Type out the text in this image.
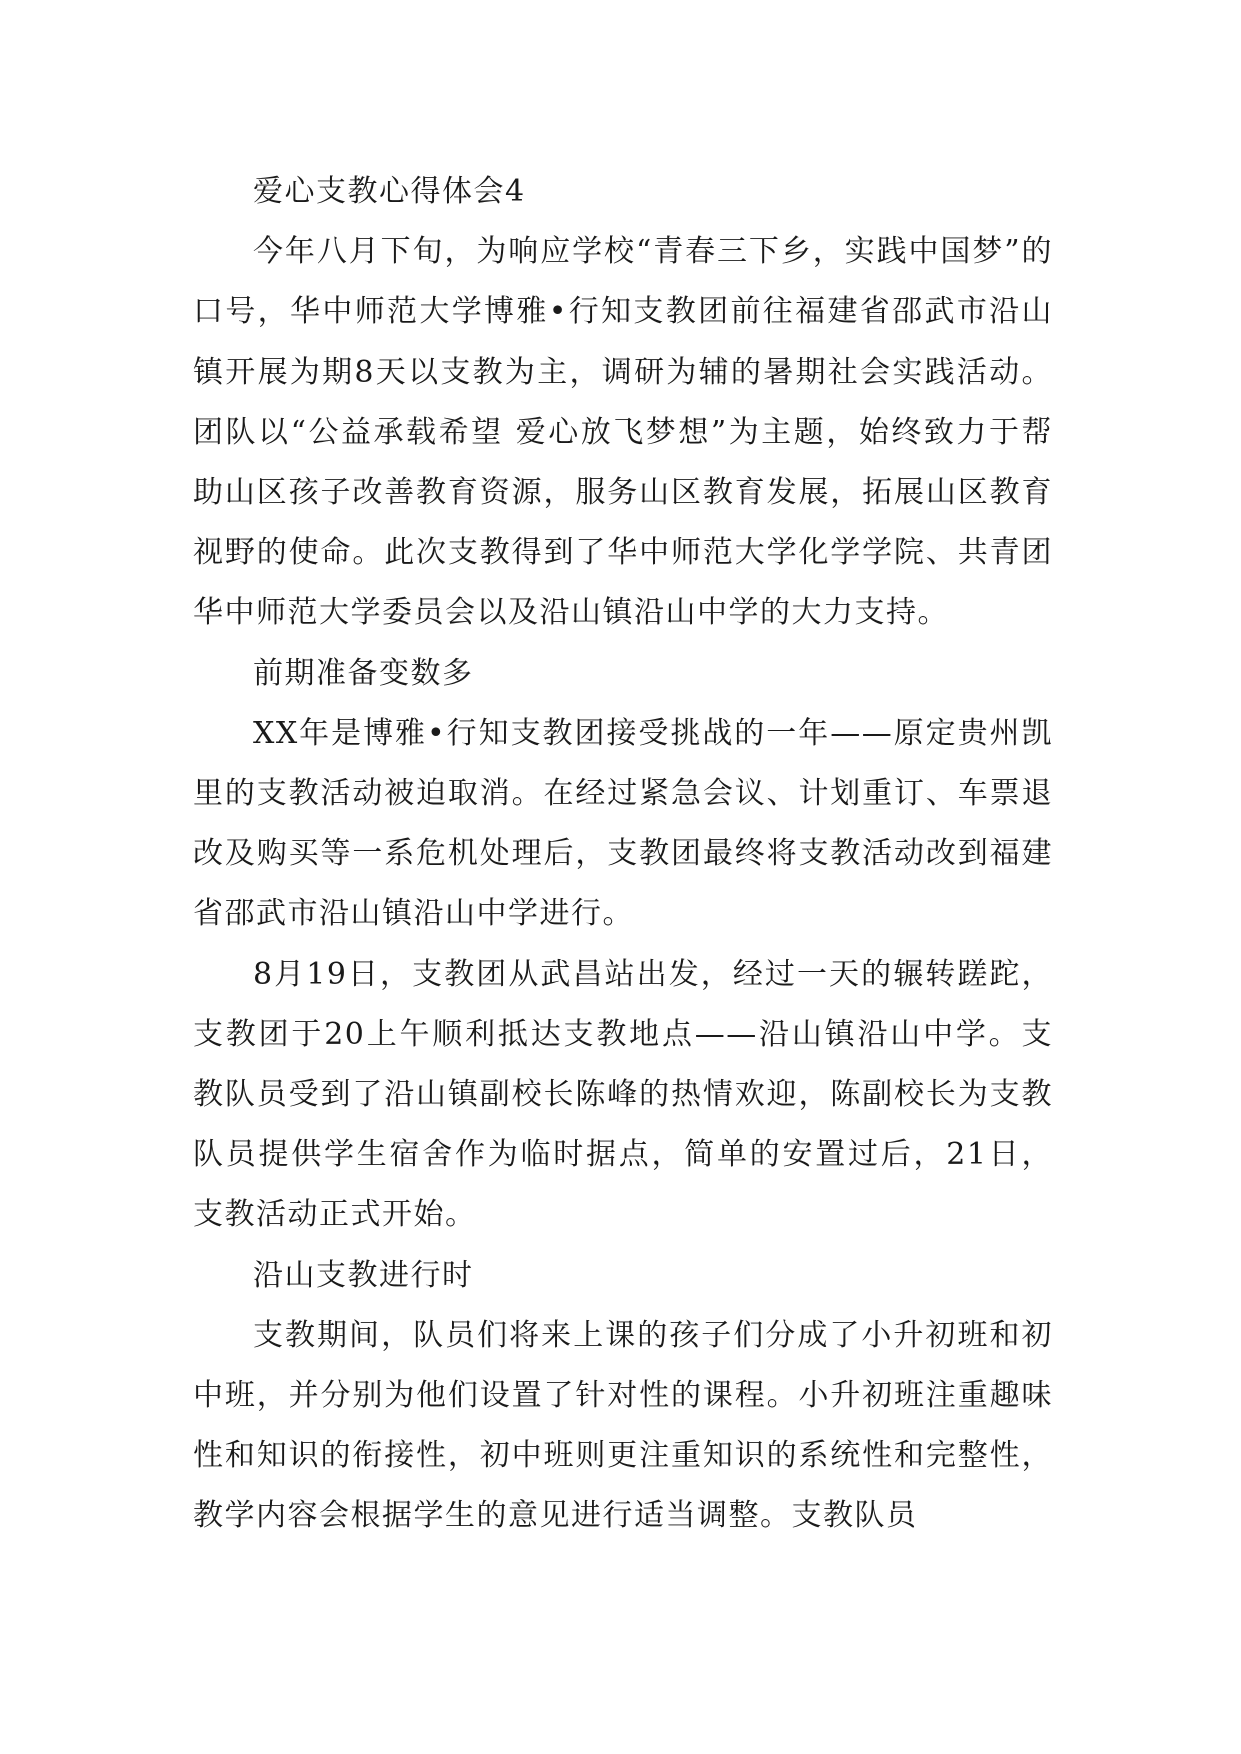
爱心支教心得体会4

今年八月下旬，为响应学校“青春三下乡，实践中国梦”的口号，华中师范大学博雅•行知支教团前往福建省邵武市沿山镇开展为期8天以支教为主，调研为辅的暑期社会实践活动。团队以“公益承载希望 爱心放飞梦想”为主题，始终致力于帮助山区孩子改善教育资源，服务山区教育发展，拓展山区教育视野的使命。此次支教得到了华中师范大学化学学院、共青团华中师范大学委员会以及沿山镇沿山中学的大力支持。

前期准备变数多

XX年是博雅•行知支教团接受挑战的一年——原定贵州凯里的支教活动被迫取消。在经过紧急会议、计划重订、车票退改及购买等一系危机处理后，支教团最终将支教活动改到福建省邵武市沿山镇沿山中学进行。

8月19日，支教团从武昌站出发，经过一天的辗转蹉跎，支教团于20上午顺利抵达支教地点——沿山镇沿山中学。支教队员受到了沿山镇副校长陈峰的热情欢迎，陈副校长为支教队员提供学生宿舍作为临时据点，简单的安置过后，21日，支教活动正式开始。

沿山支教进行时

支教期间，队员们将来上课的孩子们分成了小升初班和初中班，并分别为他们设置了针对性的课程。小升初班注重趣味性和知识的衔接性，初中班则更注重知识的系统性和完整性，教学内容会根据学生的意见进行适当调整。支教队员
